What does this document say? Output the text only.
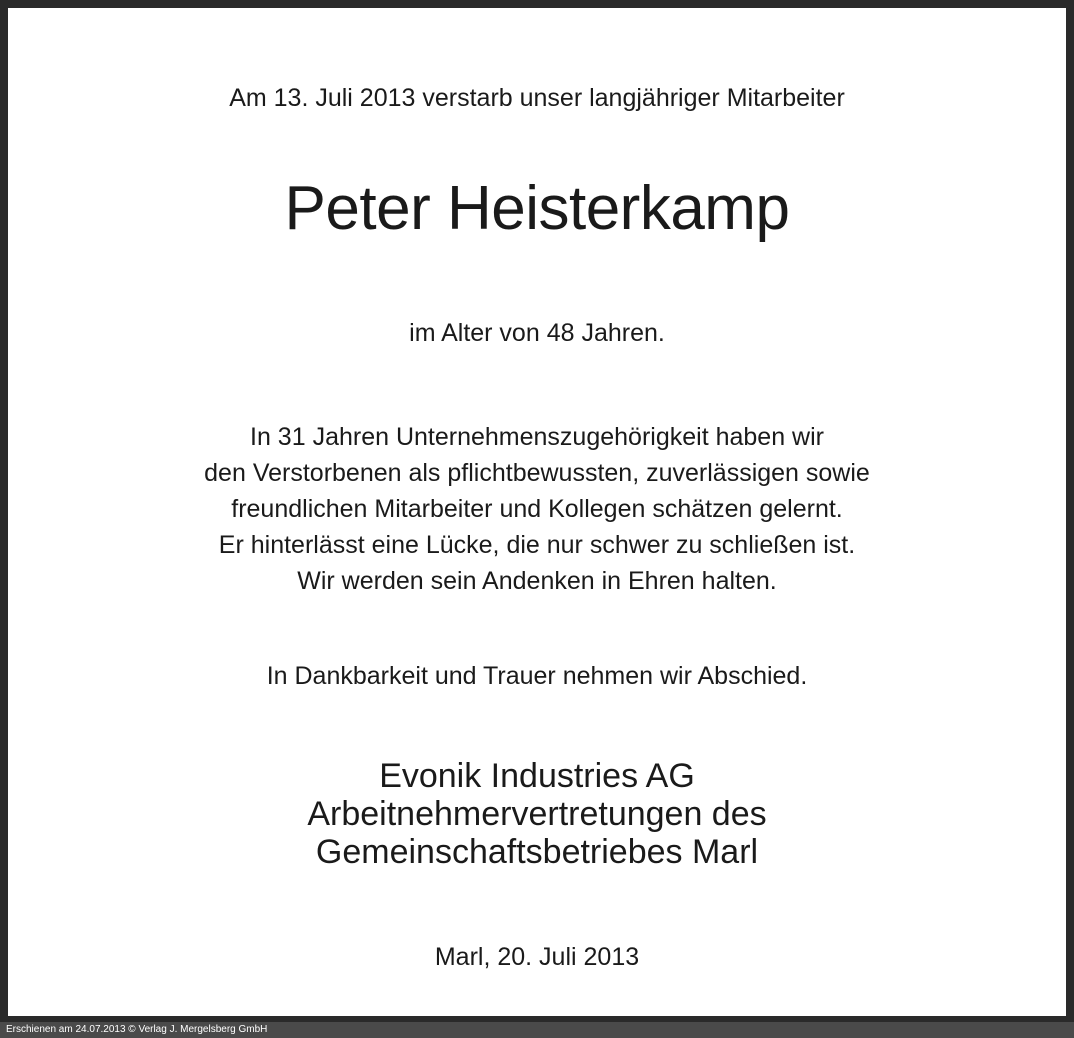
Am 13. Juli 2013 verstarb unser langjähriger Mitarbeiter
Peter Heisterkamp
im Alter von 48 Jahren.
In 31 Jahren Unternehmenszugehörigkeit haben wir
den Verstorbenen als pflichtbewussten, zuverlässigen sowie
freundlichen Mitarbeiter und Kollegen schätzen gelernt.
Er hinterlässt eine Lücke, die nur schwer zu schließen ist.
Wir werden sein Andenken in Ehren halten.
In Dankbarkeit und Trauer nehmen wir Abschied.
Evonik Industries AG
Arbeitnehmervertretungen des
Gemeinschaftsbetriebes Marl
Marl, 20. Juli 2013
Erschienen am 24.07.2013 © Verlag J. Mergelsberg GmbH
